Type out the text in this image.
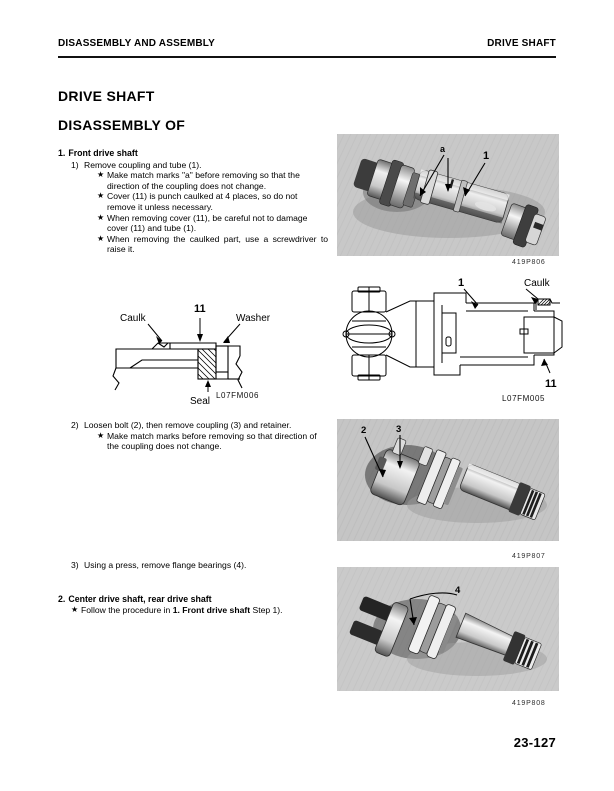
DISASSEMBLY AND ASSEMBLY	DRIVE SHAFT
DRIVE SHAFT
DISASSEMBLY OF

1. Front drive shaft

1) Remove coupling and tube (1).
★ Make match marks "a" before removing so that the direction of the coupling does not change.
★ Cover (11) is punch caulked at 4 places, so do not remove it unless necessary.
★ When removing cover (11), be careful not to damage cover (11) and tube (1).
★ When removing the caulked part, use a screwdriver to raise it.
Caulk
11
Washer
Seal
L07FM006
2) Loosen bolt (2), then remove coupling (3) and retainer.
★ Make match marks before removing so that direction of the coupling does not change.
3) Using a press, remove flange bearings (4).

2. Center drive shaft, rear drive shaft

★ Follow the procedure in 1. Front drive shaft Step 1).
a
1
419P806
1	Caulk
11
L07FM005
2	3
419P807
4
419P808
23-127
